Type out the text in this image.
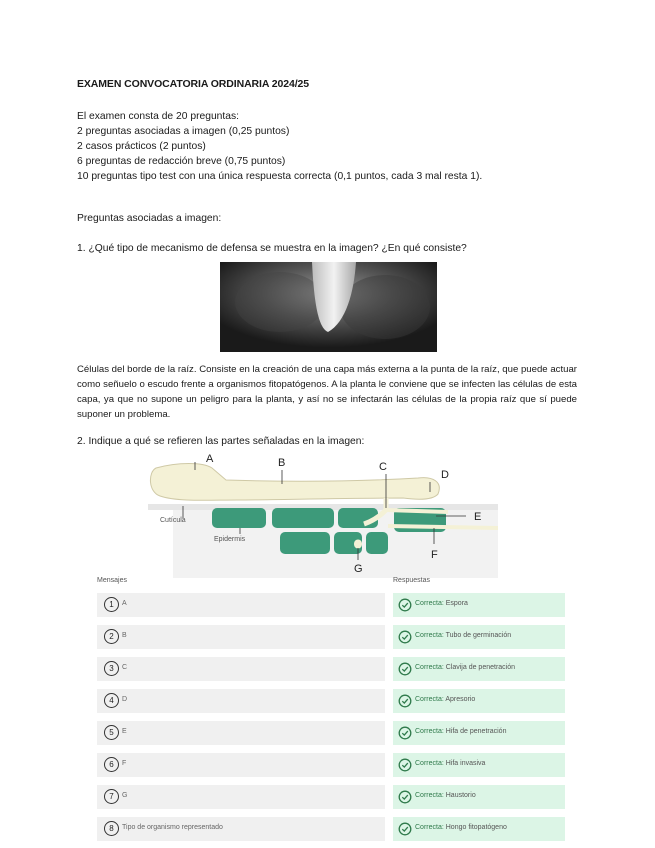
EXAMEN CONVOCATORIA ORDINARIA 2024/25
El examen consta de 20 preguntas:
2 preguntas asociadas a imagen (0,25 puntos)
2 casos prácticos (2 puntos)
6 preguntas de redacción breve (0,75 puntos)
10 preguntas tipo test con una única respuesta correcta (0,1 puntos, cada 3 mal resta 1).
Preguntas asociadas a imagen:
1. ¿Qué tipo de mecanismo de defensa se muestra en la imagen? ¿En qué consiste?
Células del borde de la raíz. Consiste en la creación de una capa más externa a la punta de la raíz, que puede actuar como señuelo o escudo frente a organismos fitopatógenos. A la planta le conviene que se infecten las células de esta capa, ya que no supone un peligro para la planta, y así no se infectarán las células de la propia raíz que sí puede suponer un problema.
2. Indique a qué se refieren las partes señaladas en la imagen:
A	B	C
D
E
F
G
Cutícula
Epidermis
Mensajes	Respuestas
1	A	Correcta: Espora
2	B	Correcta: Tubo de germinación
3	C	Correcta: Clavija de penetración
4	D	Correcta: Apresorio
5	E	Correcta: Hifa de penetración
6	F	Correcta: Hifa invasiva
7	G	Correcta: Haustorio
8	Tipo de organismo representado	Correcta: Hongo fitopatógeno
